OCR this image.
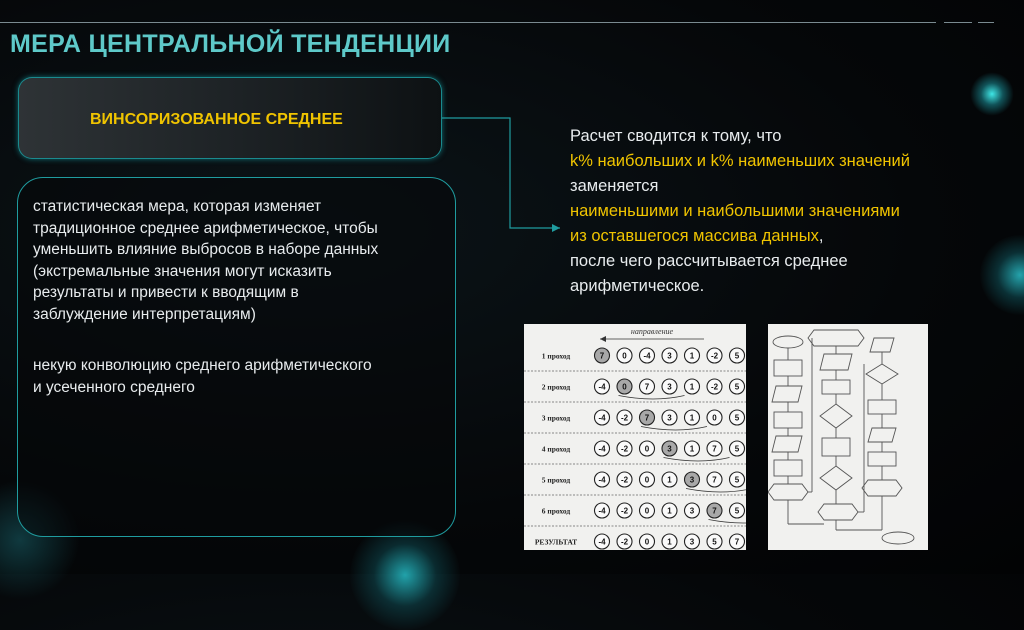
МЕРА ЦЕНТРАЛЬНОЙ ТЕНДЕНЦИИ
ВИНСОРИЗОВАННОЕ СРЕДНЕЕ

статистическая мера, которая изменяет

традиционное среднее арифметическое, чтобы

уменьшить влияние выбросов в наборе данных

(экстремальные значения могут исказить

результаты и привести к вводящим в

заблуждение интерпретациям)

некую конволюцию среднего арифметического

и усеченного среднего

Расчет сводится к тому, что
k% наибольших и k% наименьших значений
заменяется
наименьшими и наибольшими значениями
из оставшегося массива данных,
после чего рассчитывается среднее
арифметическое.
направление
1 проход	7 0 -4 3 1 -2 5
2 проход	-4 0 7 3 1 -2 5
3 проход	-4 -2 7 3 1 0 5
4 проход	-4 -2 0 3 1 7 5
5 проход	-4 -2 0 1 3 7 5
6 проход	-4 -2 0 1 3 7 5
РЕЗУЛЬТАТ	-4 -2 0 1 3 5 7
